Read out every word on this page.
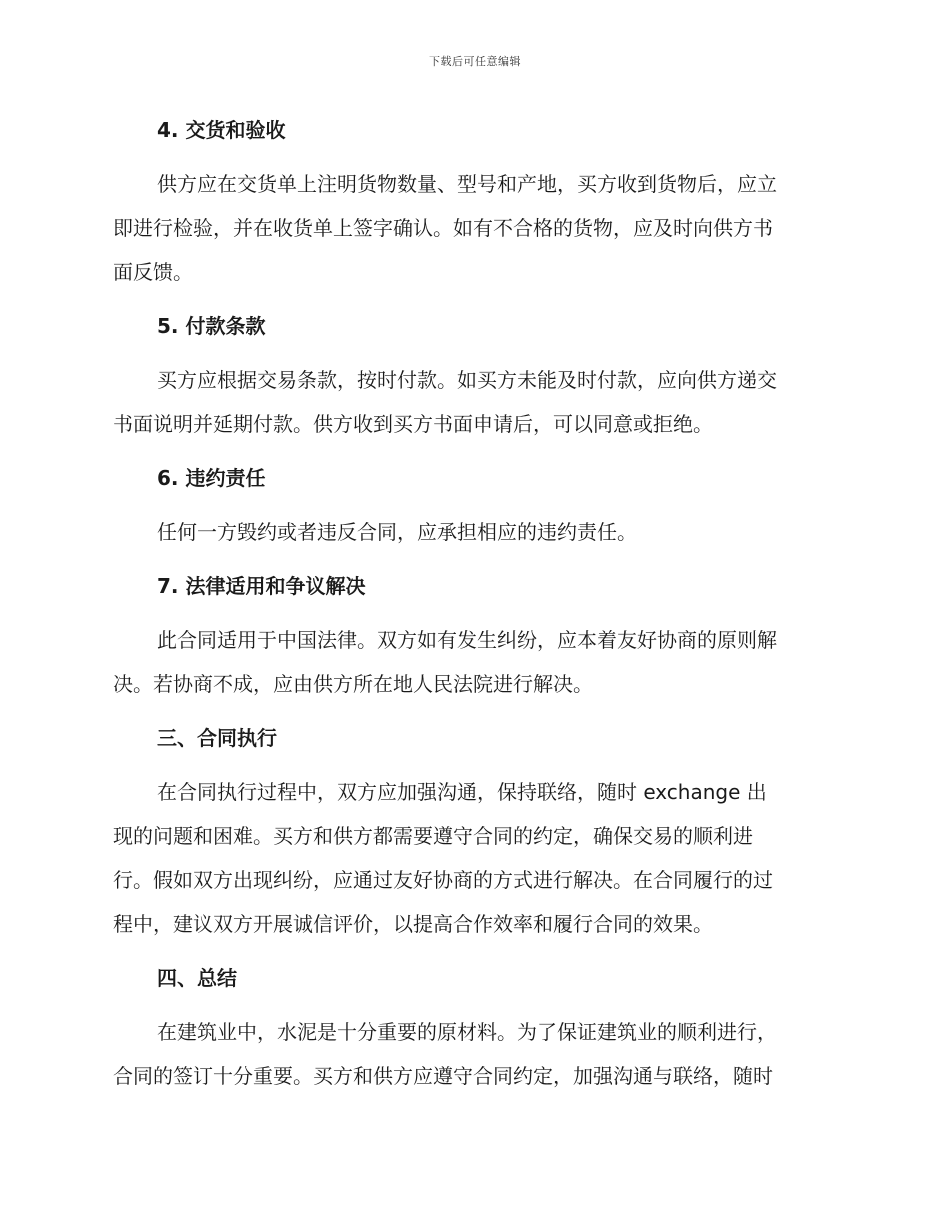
下载后可任意编辑
4. 交货和验收
供方应在交货单上注明货物数量、型号和产地，买方收到货物后，应立
即进行检验，并在收货单上签字确认。如有不合格的货物，应及时向供方书
面反馈。
5. 付款条款
买方应根据交易条款，按时付款。如买方未能及时付款，应向供方递交
书面说明并延期付款。供方收到买方书面申请后，可以同意或拒绝。
6. 违约责任
任何一方毁约或者违反合同，应承担相应的违约责任。
7. 法律适用和争议解决
此合同适用于中国法律。双方如有发生纠纷，应本着友好协商的原则解
决。若协商不成，应由供方所在地人民法院进行解决。
三、合同执行
在合同执行过程中，双方应加强沟通，保持联络，随时 exchange 出
现的问题和困难。买方和供方都需要遵守合同的约定，确保交易的顺利进
行。假如双方出现纠纷，应通过友好协商的方式进行解决。在合同履行的过
程中，建议双方开展诚信评价，以提高合作效率和履行合同的效果。
四、总结
在建筑业中，水泥是十分重要的原材料。为了保证建筑业的顺利进行，
合同的签订十分重要。买方和供方应遵守合同约定，加强沟通与联络，随时
